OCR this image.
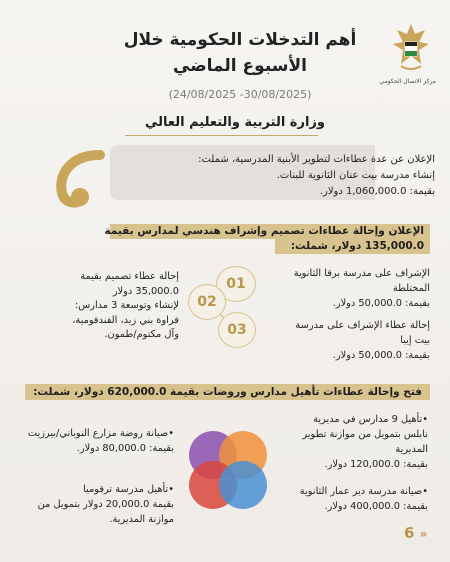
مركز الاتصال الحكومي
أهم التدخلات الحكومية خلال
الأسبوع الماضي
(24/08/2025 -30/08/2025)
وزارة التربية والتعليم العالي
الإعلان عن عدة عطاءات لتطوير الأبنية المدرسية، شملت:
إنشاء مدرسة بيت عنان الثانوية للبنات.
بقيمة: 1,060,000.0 دولار.
الإعلان وإحالة عطاءات تصميم وإشراف هندسي لمدارس بقيمة
135,000.0 دولار، شملت:
01
02
03
الإشراف على مدرسة برقا الثانوية
المختلطة
بقيمة: 50,000.0 دولار.
إحالة عطاء تصميم بقيمة
35,000.0 دولار
لإنشاء وتوسعة 3 مدارس:
قراوة بني زيد، الفندقومية،
وآل مكتوم/طمون.
إحالة عطاء الإشراف على مدرسة
بيت إيبا
بقيمة: 50,000.0 دولار.
فتح وإحالة عطاءات تأهيل مدارس وروضات بقيمة 620,000.0 دولار، شملت:
•تأهيل 9 مدارس في مديرية
نابلس بتمويل من موازنة تطوير
المديرية
بقيمة: 120,000.0 دولار.
•صيانة مدرسة دير عمار الثانوية
بقيمة: 400,000.0 دولار.
•صيانة روضة مزارع النوباني/بيرزيت
بقيمة: 80,000.0 دولار.
•تأهيل مدرسة ترقوميا
بقيمة 20,000.0 دولار بتمويل من
موازنة المديرية.
6 »
